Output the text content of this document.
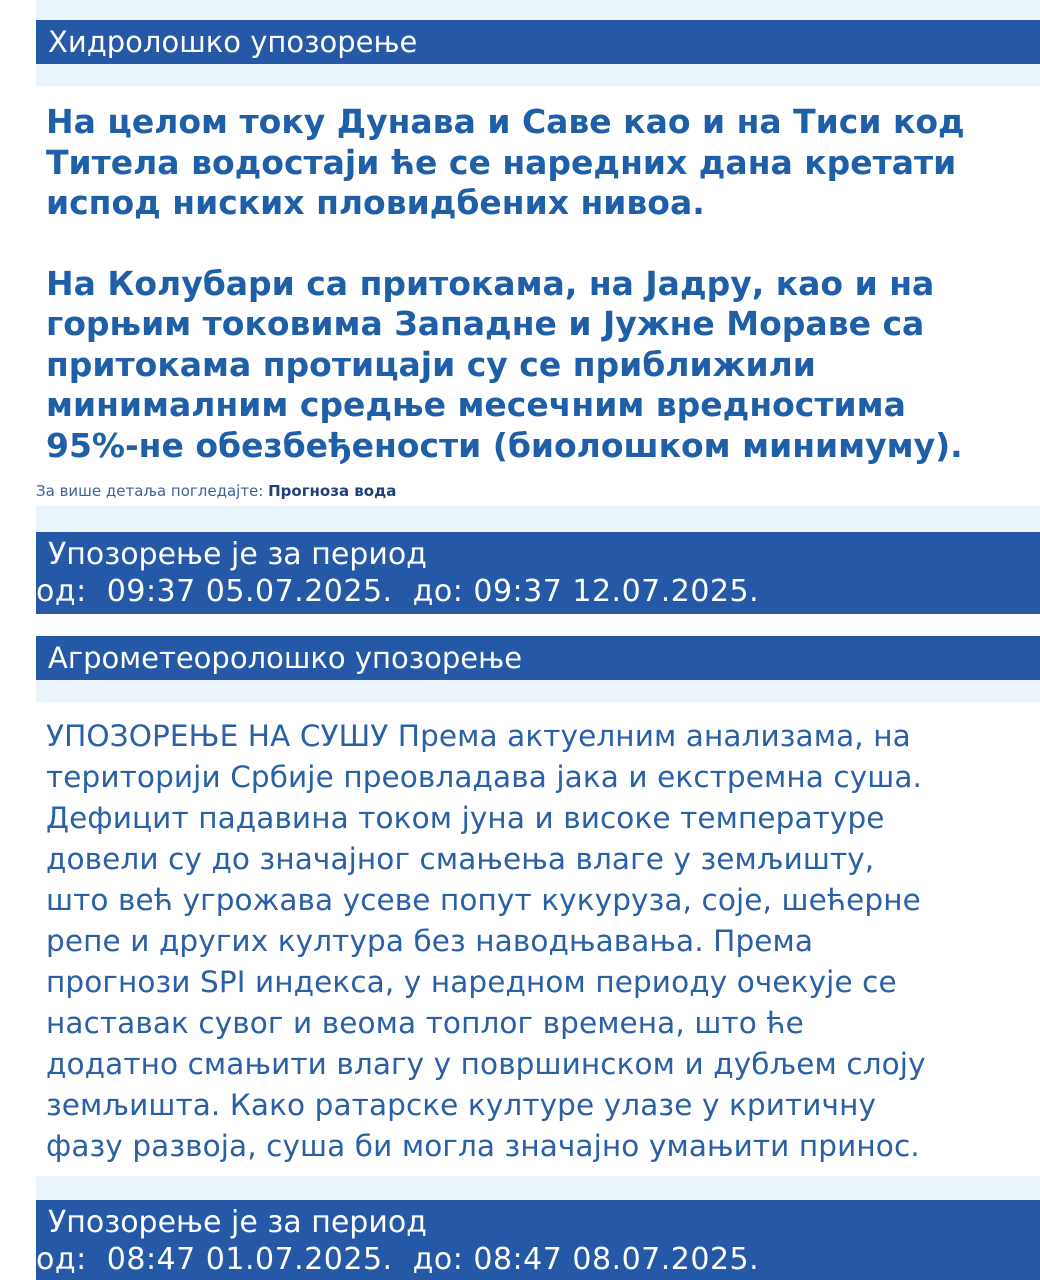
Хидролошко упозорење

На целом току Дунава и Саве као и на Тиси код
Титела водостаји ће се наредних дана кретати
испод ниских пловидбених нивоа.

На Колубари са притокама, на Јадру, као и на
горњим токовима Западне и Јужне Мораве са
притокама протицаји су се приближили
минималним средње месечним вредностима
95%-не обезбеђености (биолошком минимуму).

За више детаља погледајте: Прогноза вода
Упозорење је за период
од:  09:37 05.07.2025.  до: 09:37 12.07.2025.
Агрометеоролошко упозорење
УПОЗОРЕЊЕ НА СУШУ Према актуелним анализама, на
територији Србије преовладава јака и екстремна суша.
Дефицит падавина током јуна и високе температуре
довели су до значајног смањења влаге у земљишту,
што већ угрожава усеве попут кукуруза, соје, шећерне
репе и других култура без наводњавања. Према
прогнози SPI индекса, у наредном периоду очекује се
наставак сувог и веома топлог времена, што ће
додатно смањити влагу у површинском и дубљем слоју
земљишта. Како ратарске културе улазе у критичну
фазу развоја, суша би могла значајно умањити принос.
Упозорење је за период
од:  08:47 01.07.2025.  до: 08:47 08.07.2025.
